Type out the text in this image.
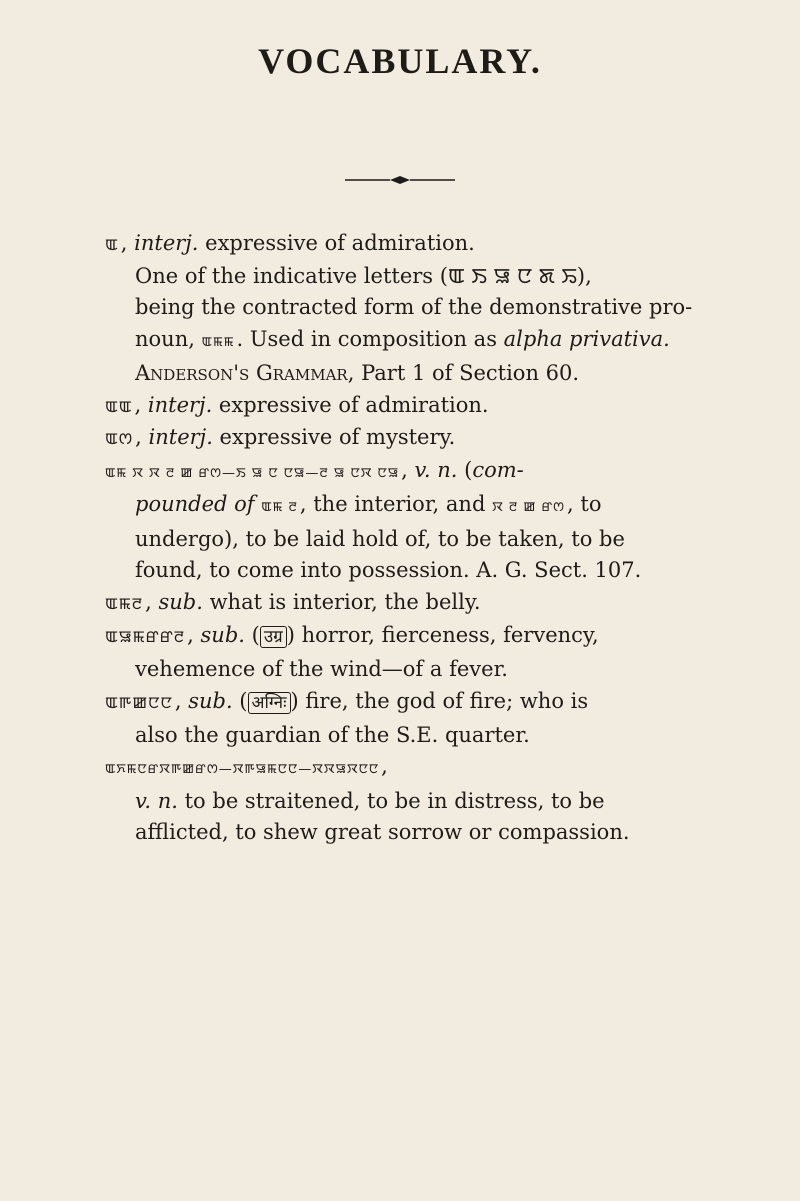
VOCABULARY.
ꯑ, interj. expressive of admiration.
One of the indicative letters (ꯑ ꯏ ꯎ ꯅ ꯗ ꯢ),
being the contracted form of the demonstrative pro-
noun, ꯑꯃꯃ. Used in composition as alpha privativa.
Anderson's Grammar, Part 1 of Section 60.
ꯑꯑ, interj. expressive of admiration.
ꯑꯁ, interj. expressive of mystery.
ꯑꯃ ꯋ ꯋ ꯂ ꯀ ꯔꯁ—ꯏ ꯎ ꯅ ꯅꯎ—ꯂ ꯎ ꯅꯋ ꯅꯎ, v. n. (com-
pounded of ꯑꯃ ꯂ, the interior, and ꯋ ꯂ ꯀ ꯔꯁ, to
undergo), to be laid hold of, to be taken, to be
found, to come into possession. A. G. Sect. 107.
ꯑꯃꯂ, sub. what is interior, the belly.
ꯑꯎꯃꯔꯔꯂ, sub. ( उग्र ) horror, fierceness, fervency,
vehemence of the wind—of a fever.
ꯑꯒꯀꯅꯅ, sub. ( अग्निः ) fire, the god of fire; who is
also the guardian of the S.E. quarter.
ꯑꯈꯃꯅꯔꯋꯒꯀꯔꯁ—ꯋꯒꯎꯃꯅꯅ—ꯋꯋꯎꯋꯅꯅ,
v. n. to be straitened, to be in distress, to be
afflicted, to shew great sorrow or compassion.
